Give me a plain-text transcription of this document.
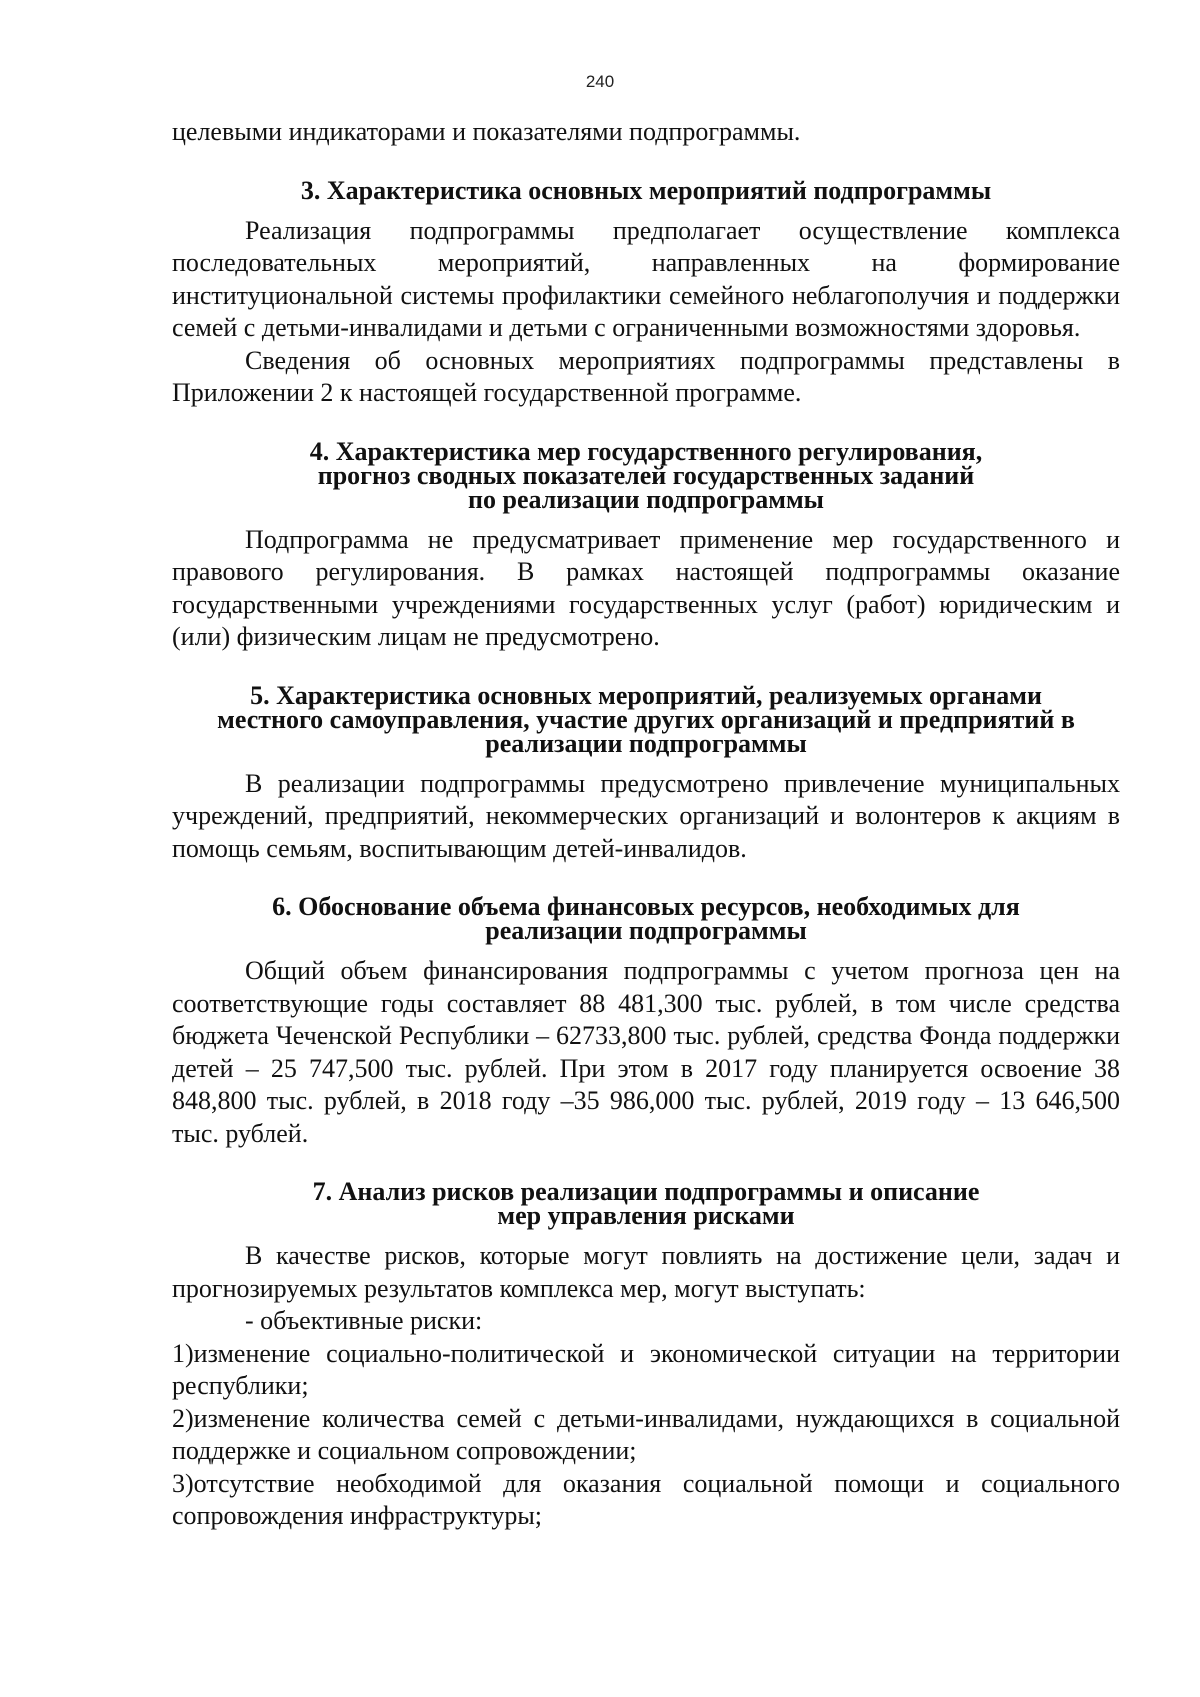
240

целевыми индикаторами и показателями подпрограммы.

3. Характеристика основных мероприятий подпрограммы

Реализация подпрограммы предполагает осуществление комплекса последовательных мероприятий, направленных на формирование институциональной системы профилактики семейного неблагополучия и поддержки семей с детьми-инвалидами и детьми с ограниченными возможностями здоровья.

Сведения об основных мероприятиях подпрограммы представлены в Приложении 2 к настоящей государственной программе.

4. Характеристика мер государственного регулирования,
прогноз сводных показателей государственных заданий
по реализации подпрограммы

Подпрограмма не предусматривает применение мер государственного и правового регулирования. В рамках настоящей подпрограммы оказание государственными учреждениями государственных услуг (работ) юридическим и (или) физическим лицам не предусмотрено.

5. Характеристика основных мероприятий, реализуемых органами
местного самоуправления, участие других организаций и предприятий в
реализации подпрограммы

В реализации подпрограммы предусмотрено привлечение муниципальных учреждений, предприятий, некоммерческих организаций и волонтеров к акциям в помощь семьям, воспитывающим детей-инвалидов.

6. Обоснование объема финансовых ресурсов, необходимых для
реализации подпрограммы

Общий объем финансирования подпрограммы с учетом прогноза цен на соответствующие годы составляет 88 481,300 тыс. рублей, в том числе средства бюджета Чеченской Республики – 62733,800 тыс. рублей, средства Фонда поддержки детей – 25 747,500 тыс. рублей. При этом в 2017 году планируется освоение 38 848,800 тыс. рублей, в 2018 году –35 986,000 тыс. рублей, 2019 году – 13 646,500 тыс. рублей.

7. Анализ рисков реализации подпрограммы и описание
мер управления рисками

В качестве рисков, которые могут повлиять на достижение цели, задач и прогнозируемых результатов комплекса мер, могут выступать:

- объективные риски:

1)изменение социально-политической и экономической ситуации на территории республики;

2)изменение количества семей с детьми-инвалидами, нуждающихся в социальной поддержке и социальном сопровождении;

3)отсутствие необходимой для оказания социальной помощи и социального сопровождения инфраструктуры;
